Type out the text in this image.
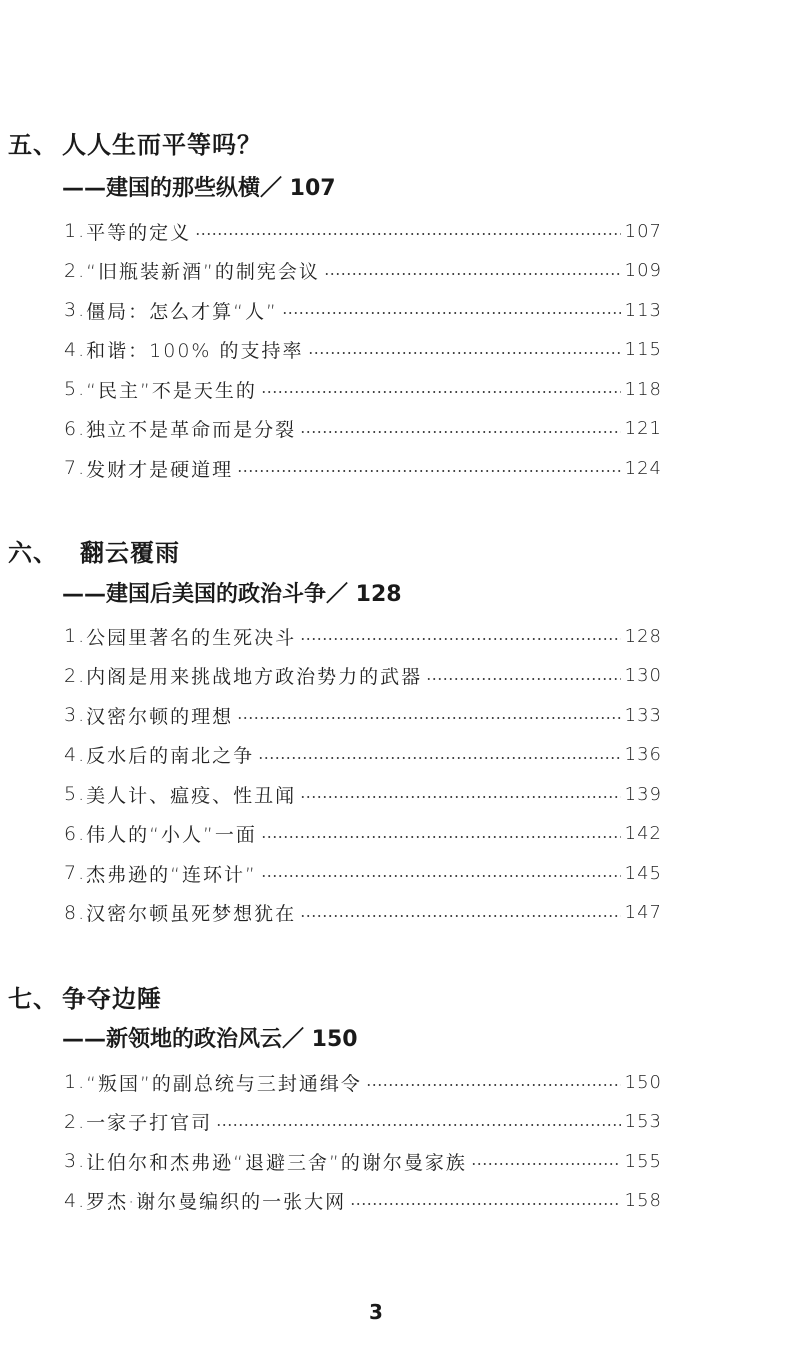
五、 人人生而平等吗？
——建国的那些纵横／ 107
1. 平等的定义	107
2. “旧瓶装新酒”的制宪会议	109
3. 僵局：怎么才算“人”	113
4. 和谐：100% 的支持率	115
5. “民主”不是天生的	118
6. 独立不是革命而是分裂	121
7. 发财才是硬道理	124
六、 翻云覆雨
——建国后美国的政治斗争／ 128
1. 公园里著名的生死决斗	128
2. 内阁是用来挑战地方政治势力的武器	130
3. 汉密尔顿的理想	133
4. 反水后的南北之争	136
5. 美人计、瘟疫、性丑闻	139
6. 伟人的“小人”一面	142
7. 杰弗逊的“连环计”	145
8. 汉密尔顿虽死梦想犹在	147
七、 争夺边陲
——新领地的政治风云／ 150
1. “叛国”的副总统与三封通缉令	150
2. 一家子打官司	153
3. 让伯尔和杰弗逊“退避三舍”的谢尔曼家族	155
4. 罗杰·谢尔曼编织的一张大网	158
3
